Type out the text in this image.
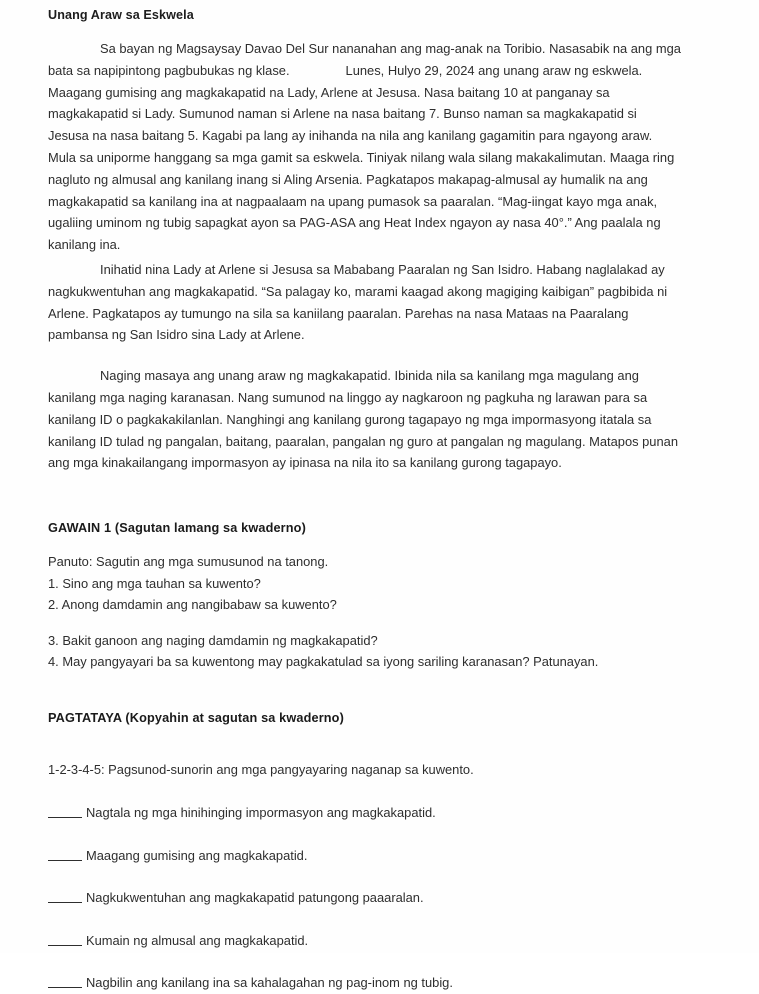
Unang Araw sa Eskwela

Sa bayan ng Magsaysay Davao Del Sur nananahan ang mag-anak na Toribio. Nasasabik na ang mga bata sa napipintong pagbubukas ng klase.	Lunes, Hulyo 29, 2024 ang unang araw ng eskwela. Maagang gumising ang magkakapatid na Lady, Arlene at Jesusa. Nasa baitang 10 at panganay sa magkakapatid si Lady. Sumunod naman si Arlene na nasa baitang 7. Bunso naman sa magkakapatid si Jesusa na nasa baitang 5. Kagabi pa lang ay inihanda na nila ang kanilang gagamitin para ngayong araw. Mula sa uniporme hanggang sa mga gamit sa eskwela. Tiniyak nilang wala silang makakalimutan. Maaga ring nagluto ng almusal ang kanilang inang si Aling Arsenia. Pagkatapos makapag-almusal ay humalik na ang magkakapatid sa kanilang ina at nagpaalaam na upang pumasok sa paaralan. “Mag-iingat kayo mga anak, ugaliing uminom ng tubig sapagkat ayon sa PAG-ASA ang Heat Index ngayon ay nasa 40°.” Ang paalala ng kanilang ina.

Inihatid nina Lady at Arlene si Jesusa sa Mababang Paaralan ng San Isidro. Habang naglalakad ay nagkukwentuhan ang magkakapatid. “Sa palagay ko, marami kaagad akong magiging kaibigan” pagbibida ni Arlene. Pagkatapos ay tumungo na sila sa kaniilang paaralan. Parehas na nasa Mataas na Paaralang pambansa ng San Isidro sina Lady at Arlene.

Naging masaya ang unang araw ng magkakapatid. Ibinida nila sa kanilang mga magulang ang kanilang mga naging karanasan. Nang sumunod na linggo ay nagkaroon ng pagkuha ng larawan para sa kanilang ID o pagkakakilanlan. Nanghingi ang kanilang gurong tagapayo ng mga impormasyong itatala sa kanilang ID tulad ng pangalan, baitang, paaralan, pangalan ng guro at pangalan ng magulang. Matapos punan ang mga kinakailangang impormasyon ay ipinasa na nila ito sa kanilang gurong tagapayo.

GAWAIN 1 (Sagutan lamang sa kwaderno)

Panuto: Sagutin ang mga sumusunod na tanong.

1. Sino ang mga tauhan sa kuwento?
2. Anong damdamin ang nangibabaw sa kuwento?
3. Bakit ganoon ang naging damdamin ng magkakapatid?
4. May pangyayari ba sa kuwentong may pagkakatulad sa iyong sariling karanasan? Patunayan.
PAGTATAYA (Kopyahin at sagutan sa kwaderno)

1-2-3-4-5: Pagsunod-sunorin ang mga pangyayaring naganap sa kuwento.

Nagtala ng mga hinihinging impormasyon ang magkakapatid.
Maagang gumising ang magkakapatid.
Nagkukwentuhan ang magkakapatid patungong paaaralan.
Kumain ng almusal ang magkakapatid.
Nagbilin ang kanilang ina sa kahalagahan ng pag-inom ng tubig.
